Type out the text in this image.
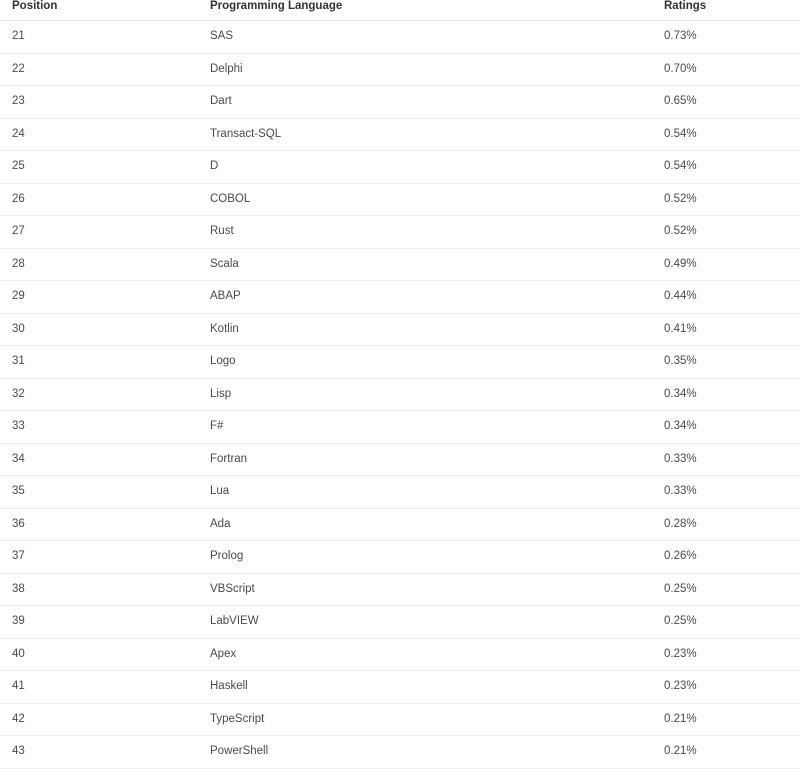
Position	Programming Language	Ratings
21	SAS	0.73%
22	Delphi	0.70%
23	Dart	0.65%
24	Transact-SQL	0.54%
25	D	0.54%
26	COBOL	0.52%
27	Rust	0.52%
28	Scala	0.49%
29	ABAP	0.44%
30	Kotlin	0.41%
31	Logo	0.35%
32	Lisp	0.34%
33	F#	0.34%
34	Fortran	0.33%
35	Lua	0.33%
36	Ada	0.28%
37	Prolog	0.26%
38	VBScript	0.25%
39	LabVIEW	0.25%
40	Apex	0.23%
41	Haskell	0.23%
42	TypeScript	0.21%
43	PowerShell	0.21%
